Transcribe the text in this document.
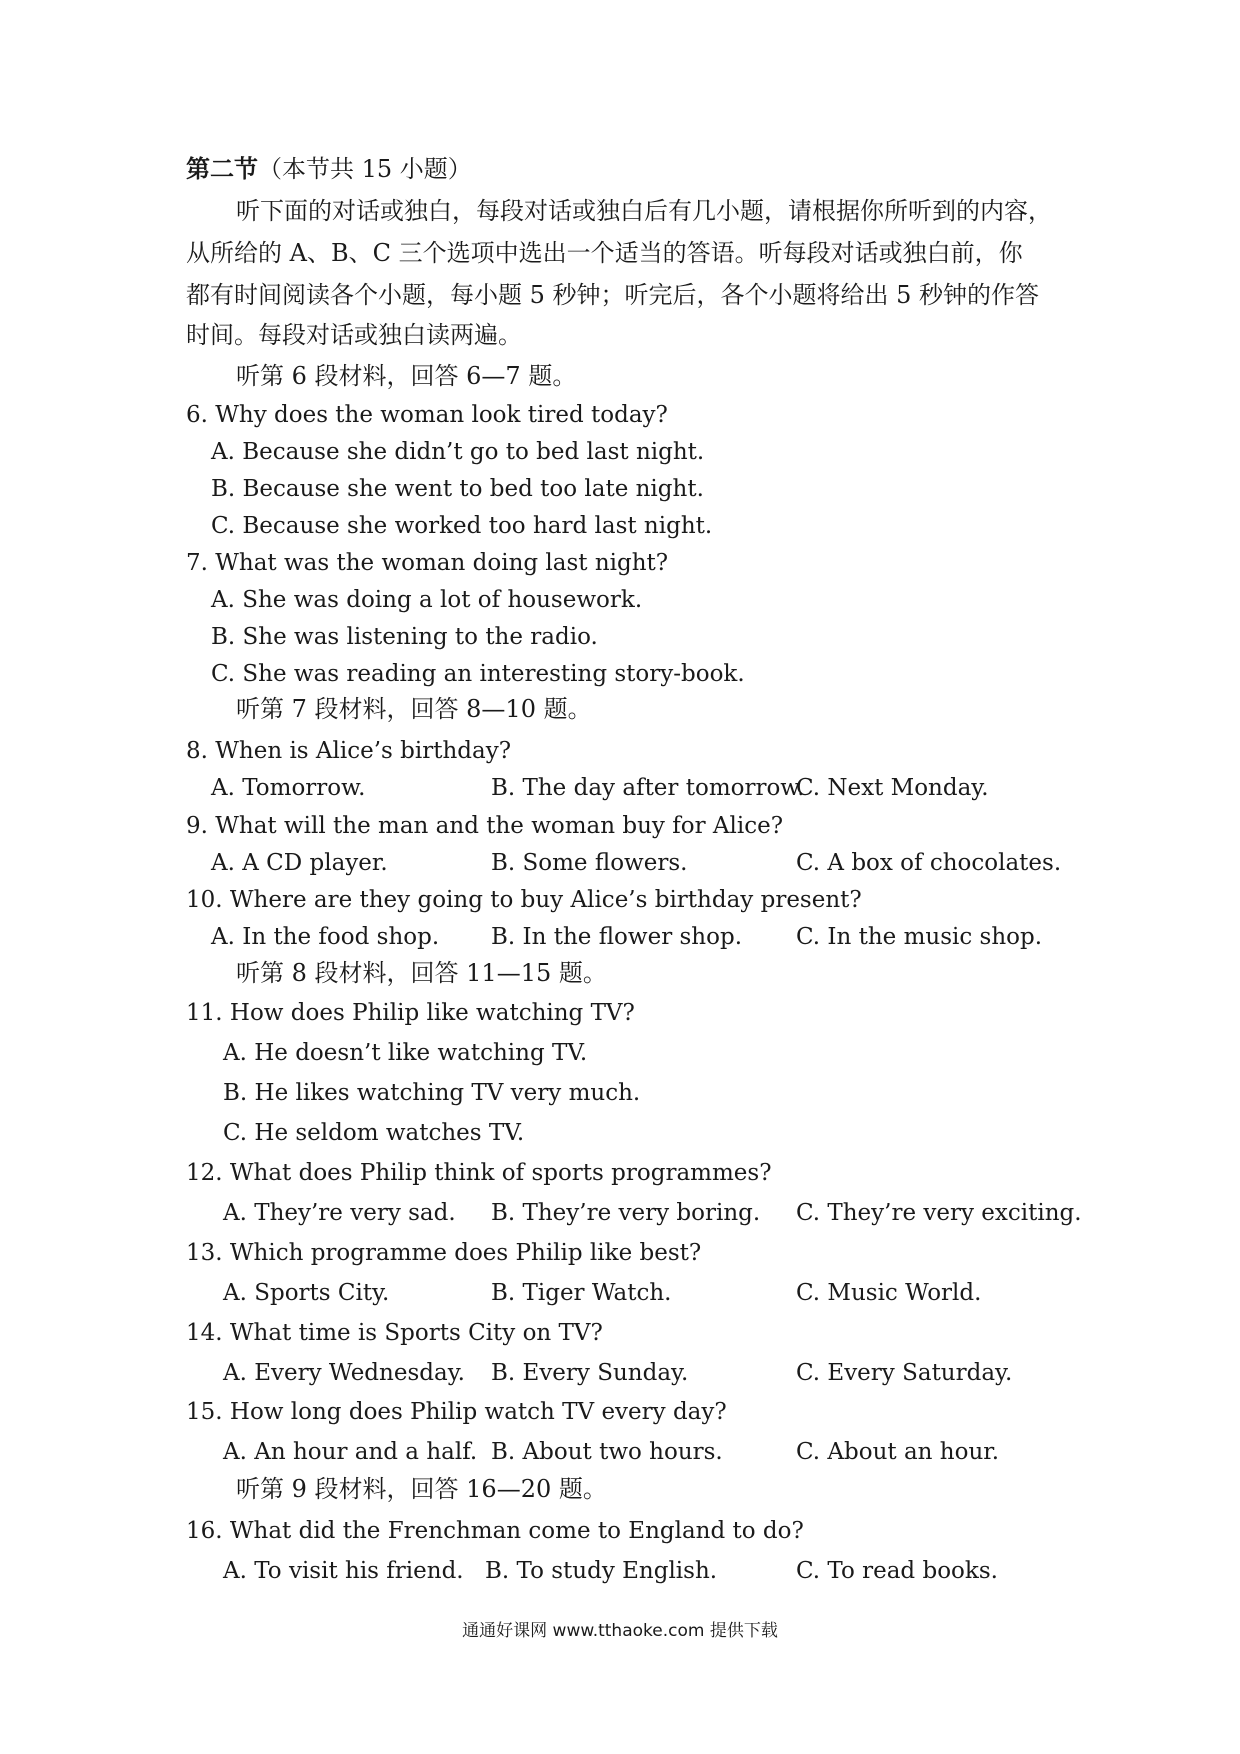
第二节（本节共 15 小题）
听下面的对话或独白，每段对话或独白后有几小题，请根据你所听到的内容，
从所给的 A、B、C 三个选项中选出一个适当的答语。听每段对话或独白前，你
都有时间阅读各个小题，每小题 5 秒钟；听完后，各个小题将给出 5 秒钟的作答
时间。每段对话或独白读两遍。
听第 6 段材料，回答 6—7 题。
6. Why does the woman look tired today?
A. Because she didn’t go to bed last night.
B. Because she went to bed too late night.
C. Because she worked too hard last night.
7. What was the woman doing last night?
A. She was doing a lot of housework.
B. She was listening to the radio.
C. She was reading an interesting story-book.
听第 7 段材料，回答 8—10 题。
8. When is Alice’s birthday?
A. Tomorrow.	B. The day after tomorrow.
C. Next Monday.
9. What will the man and the woman buy for Alice?
A. A CD player.	B. Some flowers.	C. A box of chocolates.
10. Where are they going to buy Alice’s birthday present?
A. In the food shop. B. In the flower shop. C. In the music shop.
听第 8 段材料，回答 11—15 题。
11. How does Philip like watching TV?
A. He doesn’t like watching TV.
B. He likes watching TV very much.
C. He seldom watches TV.
12. What does Philip think of sports programmes?
A. They’re very sad. B. They’re very boring. C. They’re very exciting.
13. Which programme does Philip like best?
A. Sports City.	B. Tiger Watch.	C. Music World.
14. What time is Sports City on TV?
A. Every Wednesday. B. Every Sunday.	C. Every Saturday.
15. How long does Philip watch TV every day?
A. An hour and a half. B. About two hours.	C. About an hour.
听第 9 段材料，回答 16—20 题。
16. What did the Frenchman come to England to do?
A. To visit his friend. B. To study English.	C. To read books.
通通好课网 www.tthaoke.com 提供下载
